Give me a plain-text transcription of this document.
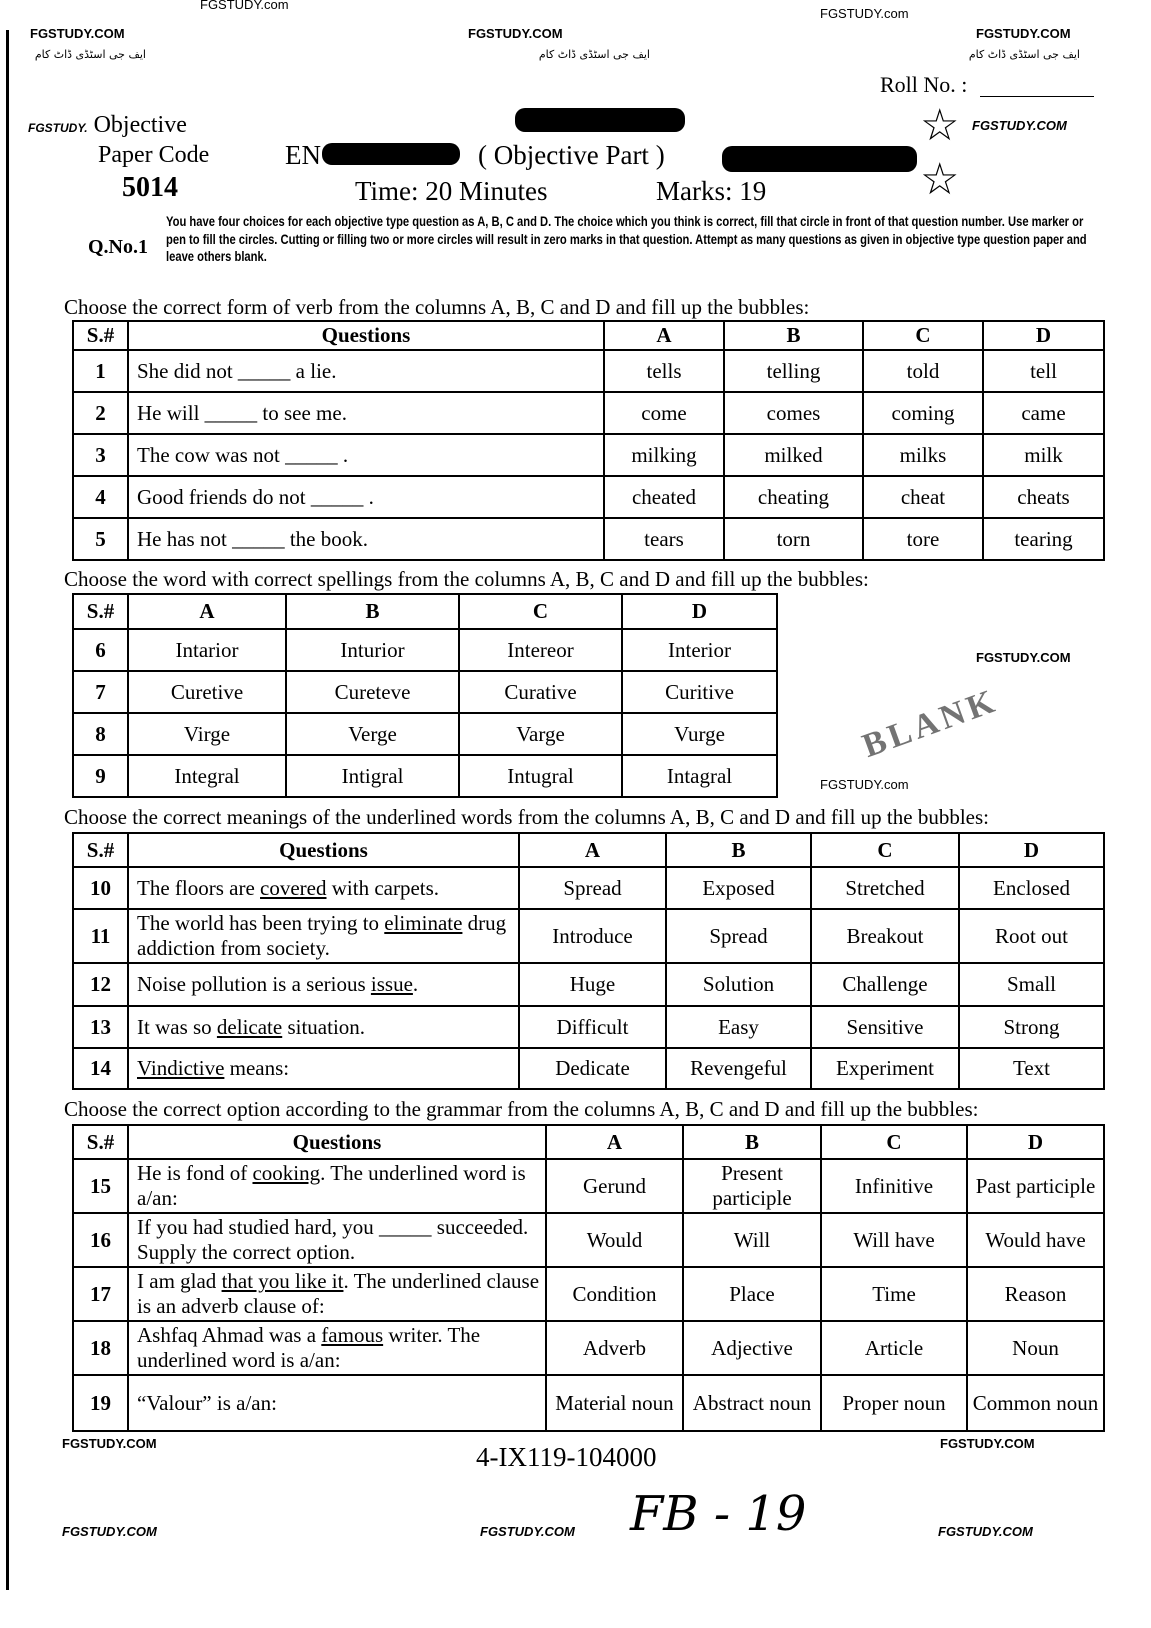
FGSTUDY.com
FGSTUDY.com
FGSTUDY.COM	FGSTUDY.COM	FGSTUDY.COM
ایف جی اسٹڈی ڈاٹ کام	ایف جی اسٹڈی ڈاٹ کام	ایف جی اسٹڈی ڈاٹ کام
Roll No. :
FGSTUDY. Objective
Paper Code
5014
EN	( Objective Part )
Time: 20 Minutes	Marks: 19
☆
☆
FGSTUDY.COM
Q.No.1
You have four choices for each objective type question as A, B, C and D. The choice which you think is correct, fill that circle in front of that question number. Use marker or pen to fill the circles. Cutting or filling two or more circles will result in zero marks in that question. Attempt as many questions as given in objective type question paper and leave others blank.
Choose the correct form of verb from the columns A, B, C and D and fill up the bubbles:
Choose the word with correct spellings from the columns A, B, C and D and fill up the bubbles:
Choose the correct meanings of the underlined words from the columns A, B, C and D and fill up the bubbles:
Choose the correct option according to the grammar from the columns A, B, C and D and fill up the bubbles:
S.#	Questions	A	B	C	D
1	She did not _____ a lie.	tells	telling	told	tell
2	He will _____ to see me.	come	comes	coming	came
3	The cow was not _____ .	milking	milked	milks	milk
4	Good friends do not _____ .	cheated	cheating	cheat	cheats
5	He has not _____ the book.	tears	torn	tore	tearing
S.#	A	B	C	D
6	Intarior	Inturior	Intereor	Interior
7	Curetive	Cureteve	Curative	Curitive
8	Virge	Verge	Varge	Vurge
9	Integral	Intigral	Intugral	Intagral
S.#	Questions	A	B	C	D
10	The floors are covered with carpets.	Spread	Exposed	Stretched	Enclosed
11	The world has been trying to eliminate drug addiction from society.	Introduce	Spread	Breakout	Root out
12	Noise pollution is a serious issue.	Huge	Solution	Challenge	Small
13	It was so delicate situation.	Difficult	Easy	Sensitive	Strong
14	Vindictive means:	Dedicate	Revengeful	Experiment	Text
S.#	Questions	A	B	C	D
15	He is fond of cooking. The underlined word is a/an:	Gerund	Present participle	Infinitive	Past participle
16	If you had studied hard, you _____ succeeded. Supply the correct option.	Would	Will	Will have	Would have
17	I am glad that you like it. The underlined clause is an adverb clause of:	Condition	Place	Time	Reason
18	Ashfaq Ahmad was a famous writer. The underlined word is a/an:	Adverb	Adjective	Article	Noun
19	“Valour” is a/an:	Material noun	Abstract noun	Proper noun	Common noun
BLANK
FGSTUDY.COM
FGSTUDY.com
FGSTUDY.COM	FGSTUDY.COM
4-IX119-104000
FGSTUDY.COM	FGSTUDY.COM	FGSTUDY.COM
FB - 19
